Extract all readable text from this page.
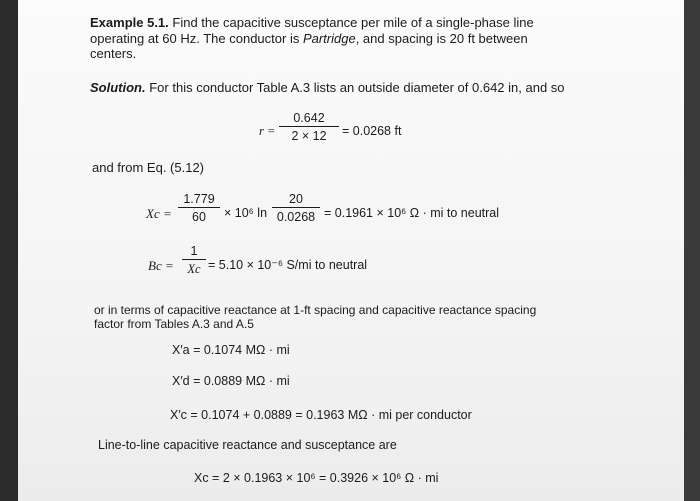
Example 5.1. Find the capacitive susceptance per mile of a single-phase line
operating at 60 Hz. The conductor is Partridge, and spacing is 20 ft between
centers.
Solution. For this conductor Table A.3 lists an outside diameter of 0.642 in, and so
$r = \frac{0.642}{2 \times 12} = 0.0268$ ft
and from Eq. (5.12)
$Xc = \frac{1.779}{60} \times 10^6$ $\ln \frac{20}{0.0268} = 0.1961 \times 10^6$ Ω · mi to neutral
$Bc = \frac{1}{Xc} = 5.10 \times 10^{-6}$ S/mi to neutral
or in terms of capacitive reactance at 1-ft spacing and capacitive reactance spacing
factor from Tables A.3 and A.5
X′a = 0.1074 MΩ · mi
X′d = 0.0889 MΩ · mi
X′c = 0.1074 + 0.0889 = 0.1963 MΩ · mi per conductor
Line-to-line capacitive reactance and susceptance are
Xc = 2 × 0.1963 × 10⁶ = 0.3926 × 10⁶ Ω · mi
